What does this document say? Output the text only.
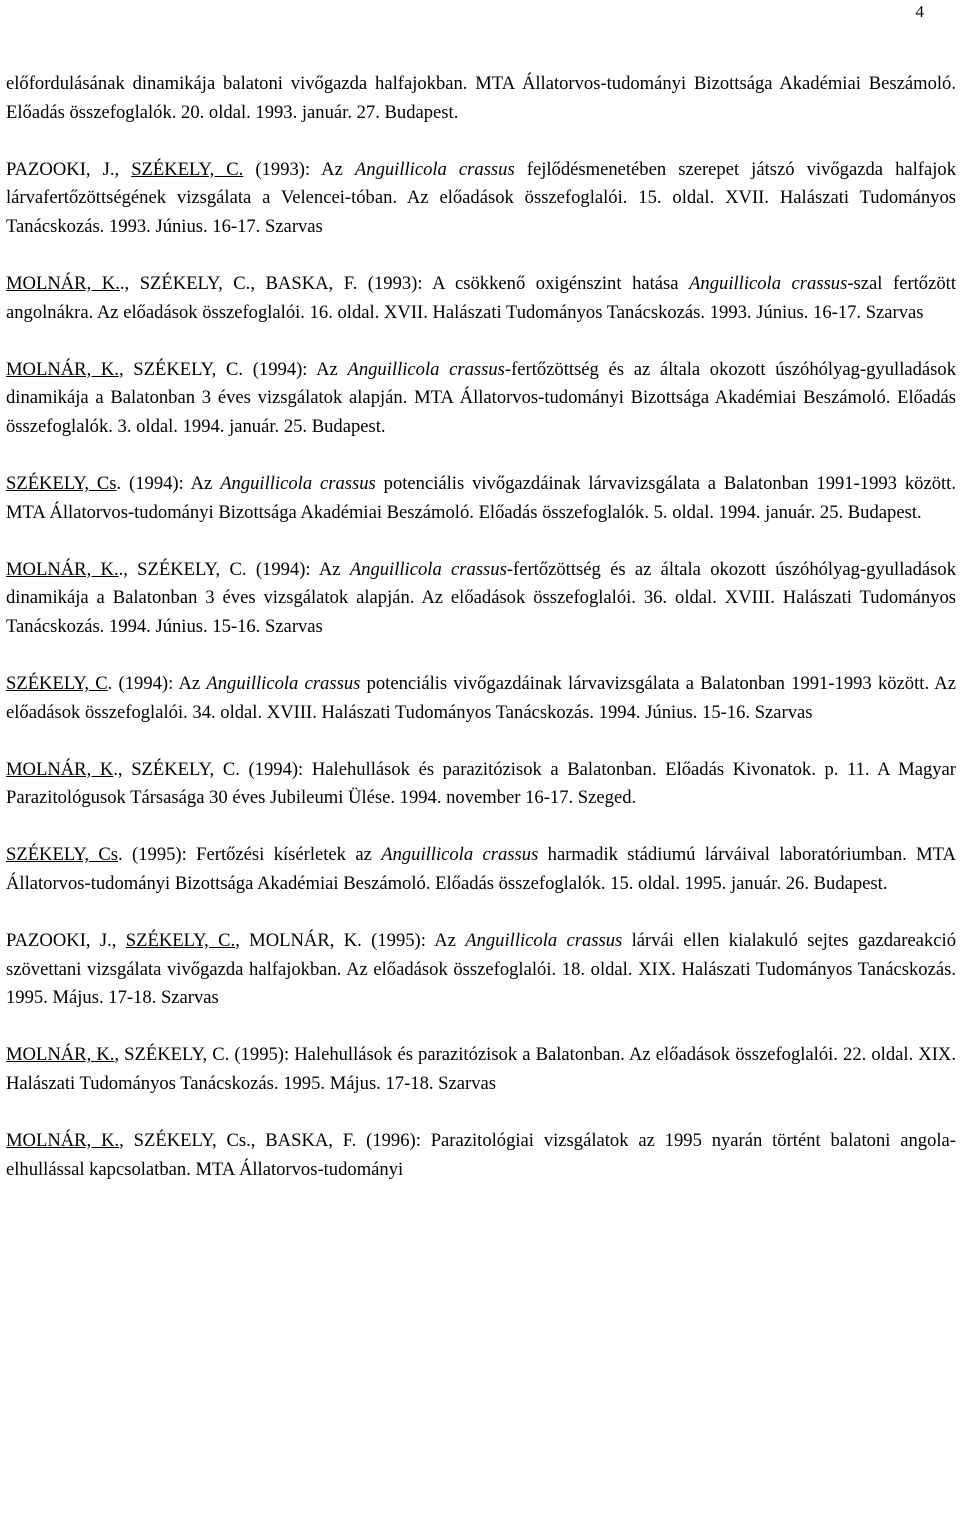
4

előfordulásának dinamikája balatoni vivőgazda halfajokban. MTA Állatorvos-tudományi Bizottsága Akadémiai Beszámoló. Előadás összefoglalók. 20. oldal. 1993. január. 27. Budapest.

PAZOOKI, J., SZÉKELY, C. (1993): Az Anguillicola crassus fejlődésmenetében szerepet játszó vivőgazda halfajok lárvafertőzöttségének vizsgálata a Velencei-tóban. Az előadások összefoglalói. 15. oldal. XVII. Halászati Tudományos Tanácskozás. 1993. Június. 16-17. Szarvas

MOLNÁR, K.., SZÉKELY, C., BASKA, F. (1993): A csökkenő oxigénszint hatása Anguillicola crassus-szal fertőzött angolnákra. Az előadások összefoglalói. 16. oldal. XVII. Halászati Tudományos Tanácskozás. 1993. Június. 16-17. Szarvas

MOLNÁR, K., SZÉKELY, C. (1994): Az Anguillicola crassus-fertőzöttség és az általa okozott úszóhólyag-gyulladások dinamikája a Balatonban 3 éves vizsgálatok alapján. MTA Állatorvos-tudományi Bizottsága Akadémiai Beszámoló. Előadás összefoglalók. 3. oldal. 1994. január. 25. Budapest.

SZÉKELY, Cs. (1994): Az Anguillicola crassus potenciális vivőgazdáinak lárvavizsgálata a Balatonban 1991-1993 között. MTA Állatorvos-tudományi Bizottsága Akadémiai Beszámoló. Előadás összefoglalók. 5. oldal. 1994. január. 25. Budapest.

MOLNÁR, K.., SZÉKELY, C. (1994): Az Anguillicola crassus-fertőzöttség és az általa okozott úszóhólyag-gyulladások dinamikája a Balatonban 3 éves vizsgálatok alapján. Az előadások összefoglalói. 36. oldal. XVIII. Halászati Tudományos Tanácskozás. 1994. Június. 15-16. Szarvas

SZÉKELY, C. (1994): Az Anguillicola crassus potenciális vivőgazdáinak lárvavizsgálata a Balatonban 1991-1993 között. Az előadások összefoglalói. 34. oldal. XVIII. Halászati Tudományos Tanácskozás. 1994. Június. 15-16. Szarvas

MOLNÁR, K., SZÉKELY, C. (1994): Halehullások és parazitózisok a Balatonban. Előadás Kivonatok. p. 11. A Magyar Parazitológusok Társasága 30 éves Jubileumi Ülése. 1994. november 16-17. Szeged.

SZÉKELY, Cs. (1995): Fertőzési kísérletek az Anguillicola crassus harmadik stádiumú lárváival laboratóriumban. MTA Állatorvos-tudományi Bizottsága Akadémiai Beszámoló. Előadás összefoglalók. 15. oldal. 1995. január. 26. Budapest.

PAZOOKI, J., SZÉKELY, C., MOLNÁR, K. (1995): Az Anguillicola crassus lárvái ellen kialakuló sejtes gazdareakció szövettani vizsgálata vivőgazda halfajokban. Az előadások összefoglalói. 18. oldal. XIX. Halászati Tudományos Tanácskozás. 1995. Május. 17-18. Szarvas

MOLNÁR, K., SZÉKELY, C. (1995): Halehullások és parazitózisok a Balatonban. Az előadások összefoglalói. 22. oldal. XIX. Halászati Tudományos Tanácskozás. 1995. Május. 17-18. Szarvas

MOLNÁR, K., SZÉKELY, Cs., BASKA, F. (1996): Parazitológiai vizsgálatok az 1995 nyarán történt balatoni angola-elhullással kapcsolatban. MTA Állatorvos-tudományi
